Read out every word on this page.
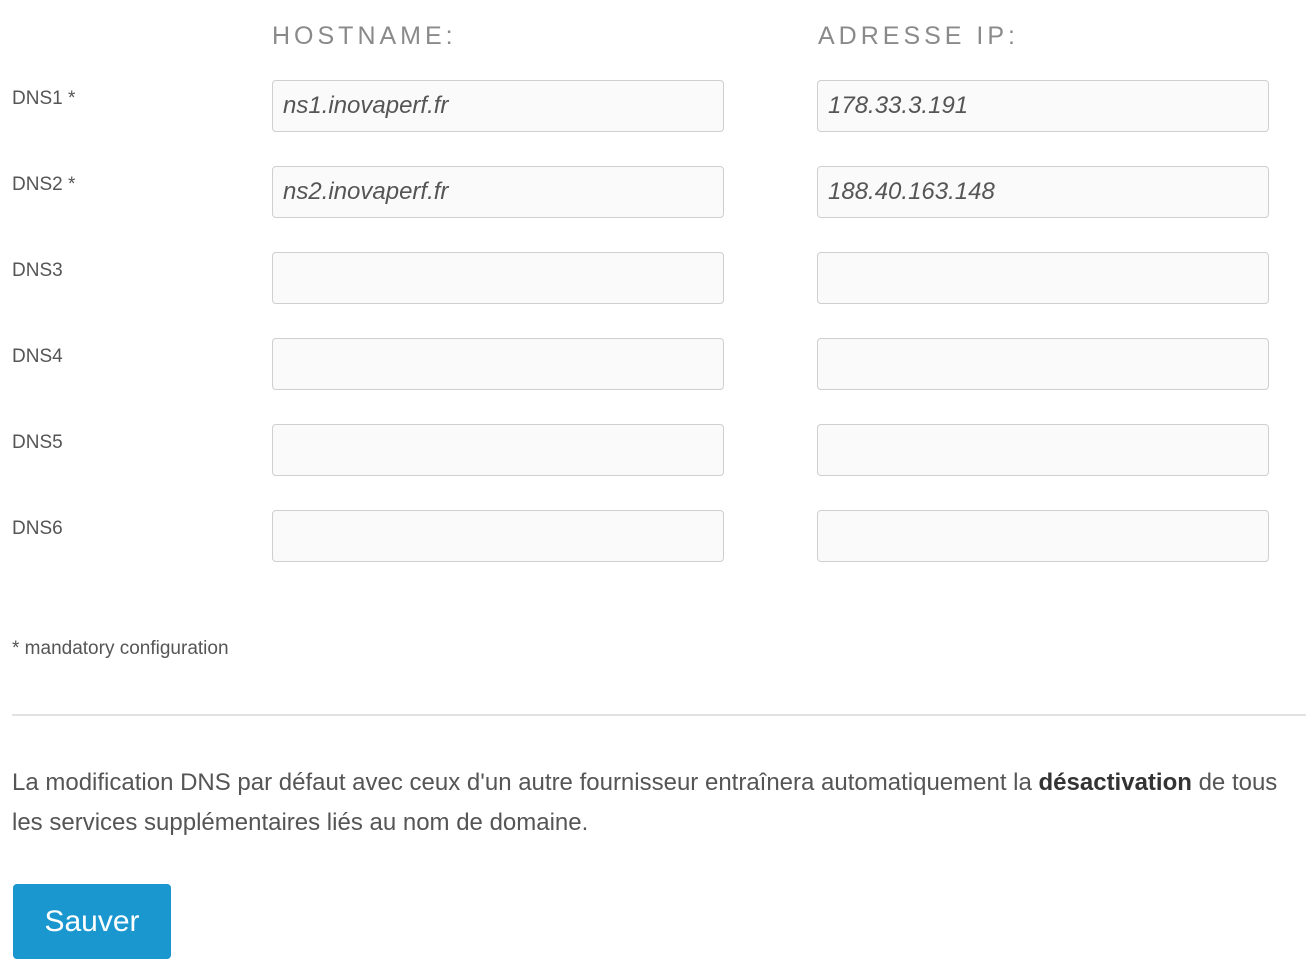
HOSTNAME:	ADRESSE IP:
DNS1 *
ns1.inovaperf.fr
178.33.3.191
DNS2 *
ns2.inovaperf.fr
188.40.163.148
DNS3
DNS4
DNS5
DNS6
* mandatory configuration

La modification DNS par défaut avec ceux d'un autre fournisseur entraînera automatiquement la désactivation de tous les services supplémentaires liés au nom de domaine.

Sauver
